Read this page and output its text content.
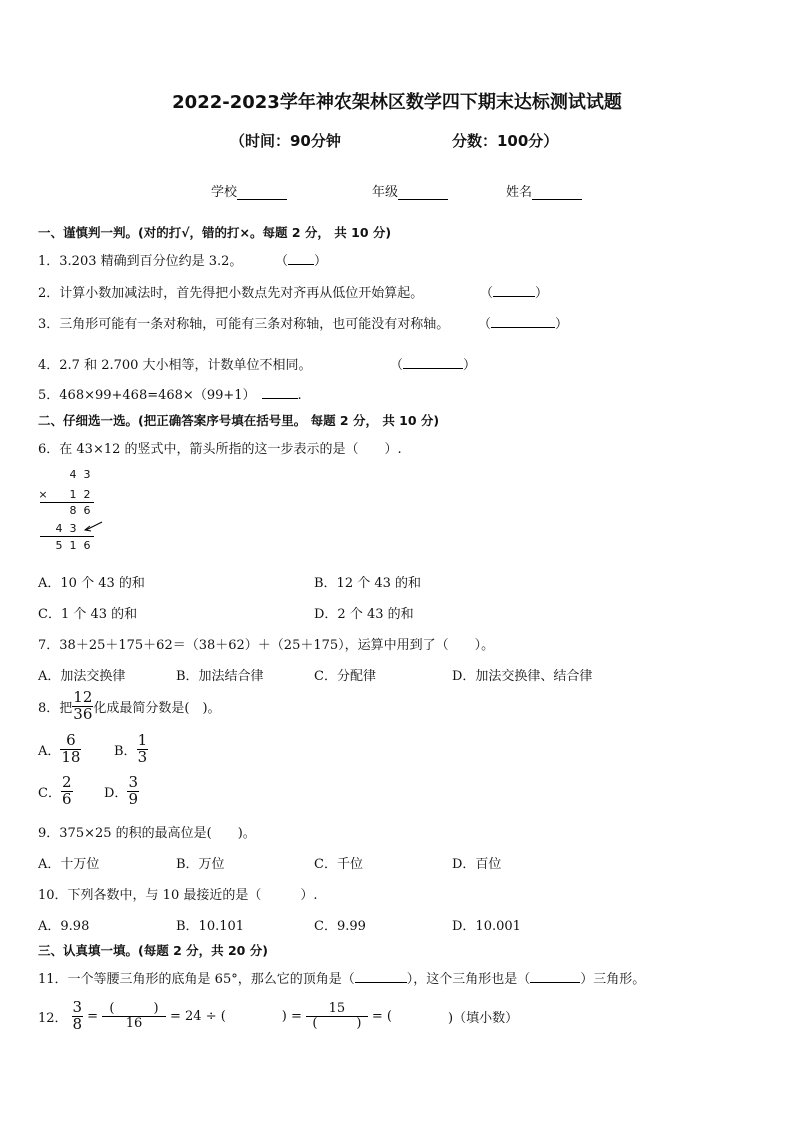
2022-2023学年神农架林区数学四下期末达标测试试题
（时间：90分钟	分数：100分）
学校	年级	姓名
一、谨慎判一判。(对的打√，错的打×。每题 2 分， 共 10 分)
1．3.203 精确到百分位约是 3.2。	（ ）
2．计算小数加减法时，首先得把小数点先对齐再从低位开始算起。	（	）
3．三角形可能有一条对称轴，可能有三条对称轴，也可能没有对称轴。 （	）
4．2.7 和 2.700 大小相等，计数单位不相同。	（	）
5．468×99+468=468×（99+1）	.
二、仔细选一选。(把正确答案序号填在括号里。 每题 2 分， 共 10 分)
6．在 43×12 的竖式中，箭头所指的这一步表示的是（　　）.
4 3
× 1 2
8 6
4 3
5 1 6
A．10 个 43 的和	B．12 个 43 的和
C．1 个 43 的和	D．2 个 43 的和
7．38＋25＋175＋62＝（38＋62）＋（25＋175），运算中用到了（　　）。
A．加法交换律	B．加法结合律	C．分配律	D．加法交换律、结合律
8．把 $\frac{12}{36}$ 化成最简分数是(　)。
A． $\frac{6}{18}$	B． $\frac{1}{3}$
C． $\frac{2}{6}$ D． $\frac{3}{9}$
9．375×25 的积的最高位是(　　)。
A．十万位	B．万位	C．千位	D．百位
10．下列各数中，与 10 最接近的是（　　　）.
A．9.98	B．10.101	C．9.99	D．10.001
三、认真填一填。(每题 2 分，共 20 分)
11．一个等腰三角形的底角是 65°，那么它的顶角是（	），这个三角形也是（	）三角形。
12． $\frac{3}{8} = \frac{( )}{16} = 24$ ÷ (	) = $\frac{15}{( )}$ = (	)（填小数）
